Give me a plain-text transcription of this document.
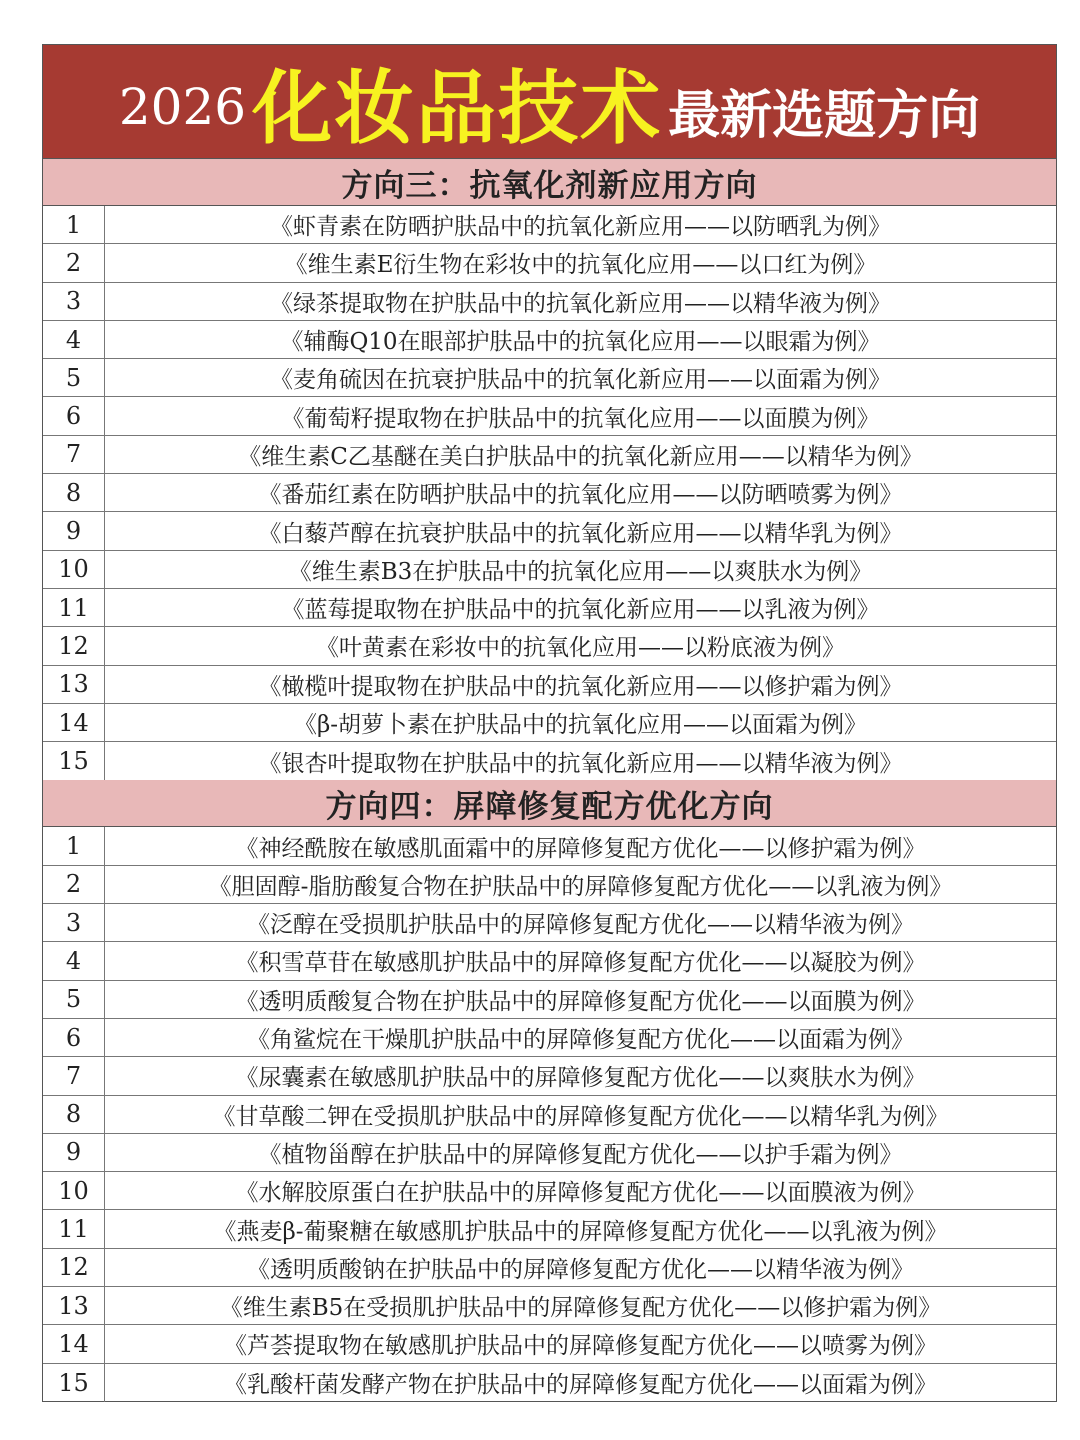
2026 化妆品技术 最新选题方向
方向三：抗氧化剂新应用方向
1	《虾青素在防晒护肤品中的抗氧化新应用——以防晒乳为例》
2	《维生素E衍生物在彩妆中的抗氧化应用——以口红为例》
3	《绿茶提取物在护肤品中的抗氧化新应用——以精华液为例》
4	《辅酶Q10在眼部护肤品中的抗氧化应用——以眼霜为例》
5	《麦角硫因在抗衰护肤品中的抗氧化新应用——以面霜为例》
6	《葡萄籽提取物在护肤品中的抗氧化应用——以面膜为例》
7	《维生素C乙基醚在美白护肤品中的抗氧化新应用——以精华为例》
8	《番茄红素在防晒护肤品中的抗氧化应用——以防晒喷雾为例》
9	《白藜芦醇在抗衰护肤品中的抗氧化新应用——以精华乳为例》
10	《维生素B3在护肤品中的抗氧化应用——以爽肤水为例》
11	《蓝莓提取物在护肤品中的抗氧化新应用——以乳液为例》
12	《叶黄素在彩妆中的抗氧化应用——以粉底液为例》
13	《橄榄叶提取物在护肤品中的抗氧化新应用——以修护霜为例》
14	《β-胡萝卜素在护肤品中的抗氧化应用——以面霜为例》
15	《银杏叶提取物在护肤品中的抗氧化新应用——以精华液为例》
方向四：屏障修复配方优化方向
1	《神经酰胺在敏感肌面霜中的屏障修复配方优化——以修护霜为例》
2	《胆固醇-脂肪酸复合物在护肤品中的屏障修复配方优化——以乳液为例》
3	《泛醇在受损肌护肤品中的屏障修复配方优化——以精华液为例》
4	《积雪草苷在敏感肌护肤品中的屏障修复配方优化——以凝胶为例》
5	《透明质酸复合物在护肤品中的屏障修复配方优化——以面膜为例》
6	《角鲨烷在干燥肌护肤品中的屏障修复配方优化——以面霜为例》
7	《尿囊素在敏感肌护肤品中的屏障修复配方优化——以爽肤水为例》
8	《甘草酸二钾在受损肌护肤品中的屏障修复配方优化——以精华乳为例》
9	《植物甾醇在护肤品中的屏障修复配方优化——以护手霜为例》
10	《水解胶原蛋白在护肤品中的屏障修复配方优化——以面膜液为例》
11	《燕麦β-葡聚糖在敏感肌护肤品中的屏障修复配方优化——以乳液为例》
12	《透明质酸钠在护肤品中的屏障修复配方优化——以精华液为例》
13	《维生素B5在受损肌护肤品中的屏障修复配方优化——以修护霜为例》
14	《芦荟提取物在敏感肌护肤品中的屏障修复配方优化——以喷雾为例》
15	《乳酸杆菌发酵产物在护肤品中的屏障修复配方优化——以面霜为例》
